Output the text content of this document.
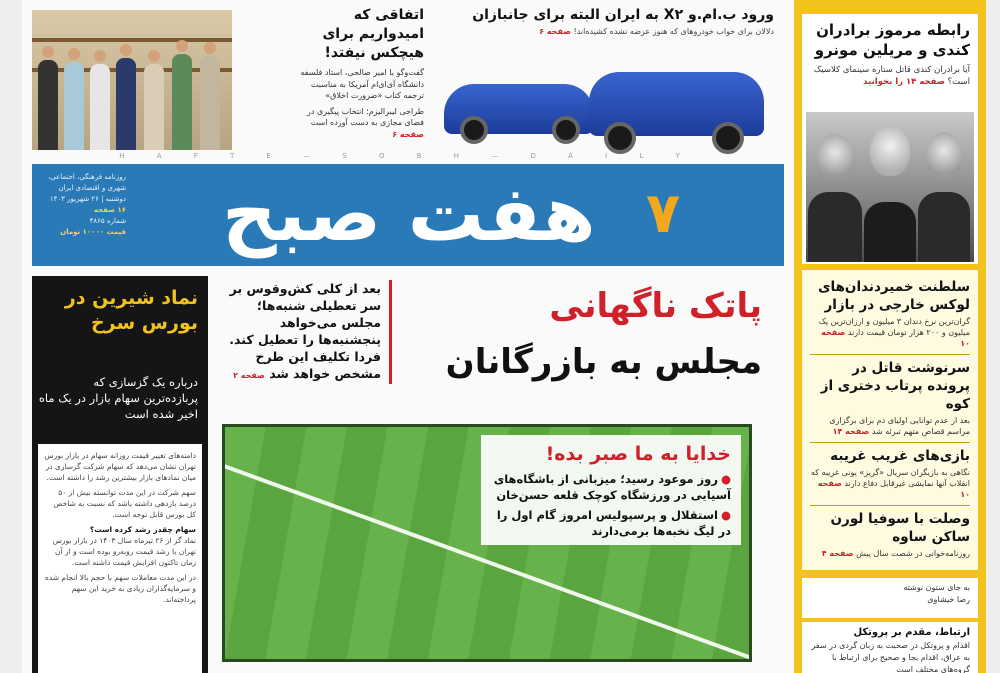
ورود ب.ام.و X۲ به ایران البته برای جانبازان
دلالان برای خواب خودروهای که هنوز عرضه نشده کشیده‌اند! صفحه ۶
اتفاقی که امیدواریم برای هیچکس نیفتد!
گفت‌وگو با امیر صالحی، استاد فلسفه دانشگاه آی‌ای‌ام آمریکا به مناسبت ترجمه کتاب «ضرورت اخلاق»
طراحی لیبرالیزم؛ انتخاب پیگیری در فضای مجازی به دست آورده است صفحه ۶
H A F T E — S O B H — D A I L Y
هفت صبح ۷
روزنامه فرهنگی، اجتماعی، شهری و اقتصادی ایران
دوشنبه | ۲۶ شهریور ۱۴۰۳
۱۶ صفحه
شماره ۴۸۶۵
قیمت ۱۰۰۰۰ تومان
پاتک ناگهانی
مجلس به بازرگانان
بعد از کلی کش‌وقوس بر سر تعطیلی شنبه‌ها؛ مجلس می‌خواهد پنجشنبه‌ها را تعطیل کند. فردا تکلیف این طرح مشخص خواهد شد صفحه ۲
نماد شیرین در بورس سرخ
درباره یک گزسازی که پربازده‌ترین سهام بازار در یک ماه اخیر شده است
دامنه‌های تغییر قیمت روزانه سهام در بازار بورس تهران نشان می‌دهد که سهام شرکت گزسازی در میان نمادهای بازار بیشترین رشد را داشته است.
سهم شرکت در این مدت توانسته بیش از ۵۰ درصد بازدهی داشته باشد که نسبت به شاخص کل بورس قابل توجه است.
سهام چقدر رشد کرده است؟
نماد گز از ۲۶ تیرماه سال ۱۴۰۳ در بازار بورس تهران با رشد قیمت روبه‌رو بوده است و از آن زمان تاکنون افزایش قیمت داشته است.
در این مدت معاملات سهم با حجم بالا انجام شده و سرمایه‌گذاران زیادی به خرید این سهم پرداخته‌اند.
خدایا به ما صبر بده!
●روز موعود رسید؛ میزبانی از باشگاه‌های آسیایی در ورزشگاه کوچک قلعه حسن‌خان
●استقلال و پرسپولیس امروز گام اول را در لیگ نخبه‌ها برمی‌دارند
رابطه مرموز برادران کندی و مریلین مونرو
آیا برادران کندی قاتل ستاره سینمای کلاسیک است؟ صفحه ۱۴ را بخوانید
سلطنت خمیردندان‌های لوکس خارجی در بازار
گران‌ترین نرخ دندان ۳ میلیون و ارزان‌ترین یک میلیون و ۲۰۰ هزار تومان قیمت دارند صفحه ۱۰
سرنوشت قاتل در پرونده پرتاب دختری از کوه
بعد از عدم توانایی اولیای دم برای برگزاری مراسم قصاص متهم تبرئه شد صفحه ۱۴
بازی‌های غریب غریبه
نگاهی به بازیگران سریال «گریز» یونی غریبه که انقلاب آنها نمایشی غیرقابل دفاع دارند صفحه ۱۰
وصلت با سوفیا لورن ساکن ساوه
روزنامه‌خوانی در شصت سال پیش صفحه ۴
به جای ستون نوشته
رضا خیشاوی
ارتباط، مقدم بر پروتکل
اقدام و پروتکل در صحبت به زبان گردی در سفر به عراق، اقدام بجا و صحیح برای ارتباط با گروه‌های مختلف است
